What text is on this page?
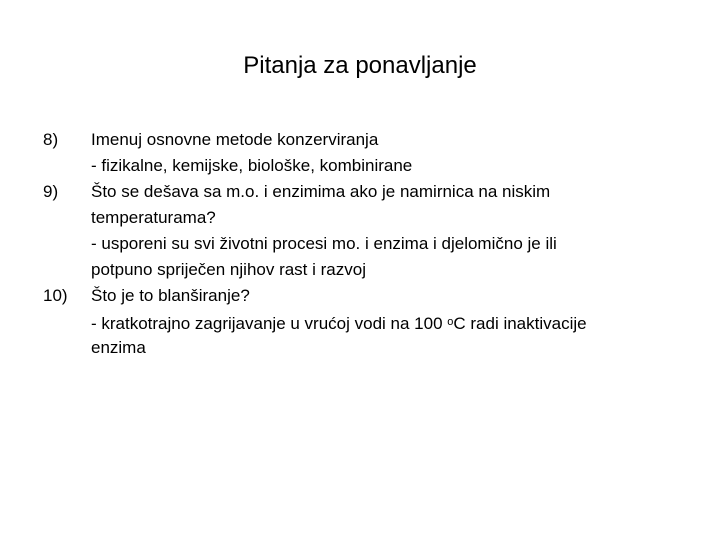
Pitanja za ponavljanje
8) Imenuj osnovne metode konzerviranja
- fizikalne, kemijske, biološke, kombinirane
9) Što se dešava sa m.o. i enzimima ako je namirnica na niskim
temperaturama?
- usporeni su svi životni procesi mo. i enzima i djelomično je ili
potpuno spriječen njihov rast i razvoj
10) Što je to blanširanje?
- kratkotrajno zagrijavanje u vrućoj vodi na 100 $^o$C radi inaktivacije
enzima
